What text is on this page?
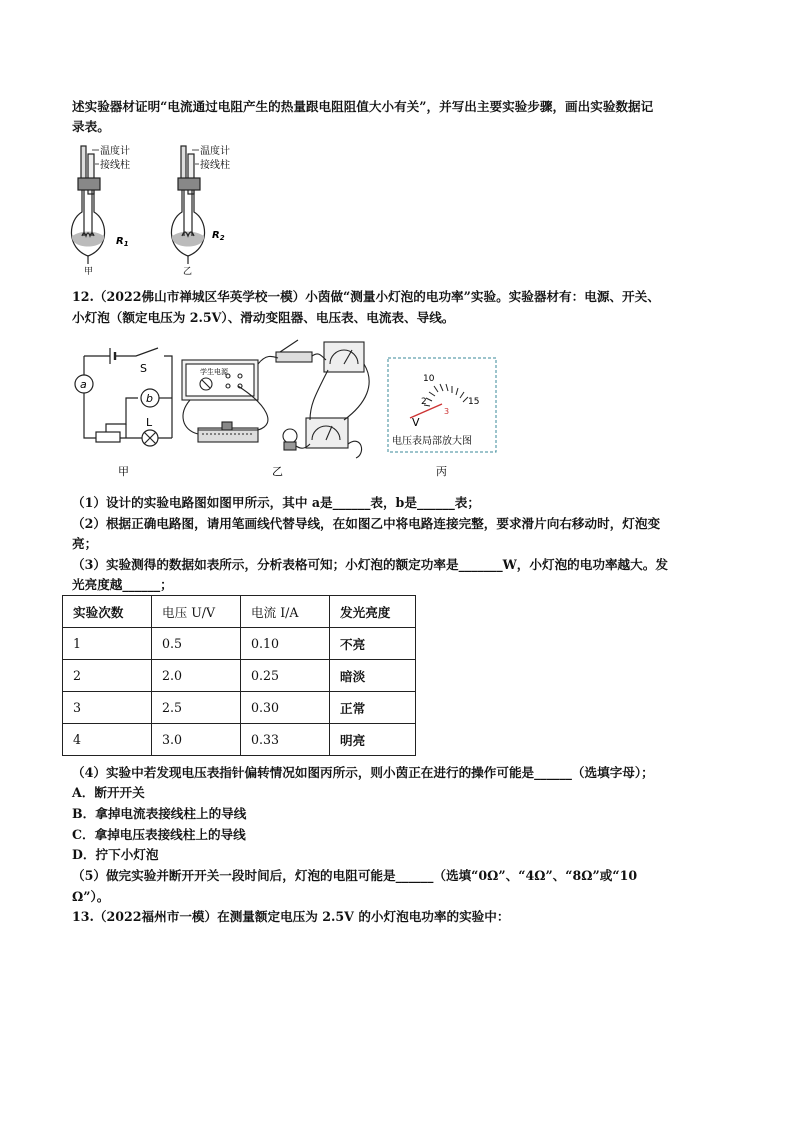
述实验器材证明“电流通过电阻产生的热量跟电阻阻值大小有关”，并写出主要实验步骤，画出实验数据记
录表。
温度计
接线柱
$R_1$
甲
温度计
接线柱
$R_2$
乙
12.（2022佛山市禅城区华英学校一模）小茵做“测量小灯泡的电功率”实验。实验器材有：电源、开关、
小灯泡（额定电压为 2.5V）、滑动变阻器、电压表、电流表、导线。
a
b
S
L
甲
学生电源
乙
10
2	15
V
3
电压表局部放大图
丙
（1）设计的实验电路图如图甲所示，其中 a是______表，b是______表；
（2）根据正确电路图，请用笔画线代替导线，在如图乙中将电路连接完整，要求滑片向右移动时，灯泡变
亮；
（3）实验测得的数据如表所示，分析表格可知；小灯泡的额定功率是_______W，小灯泡的电功率越大。发
光亮度越______；
实验次数	电压 U/V	电流 I/A	发光亮度
1	0.5	0.10	不亮
2	2.0	0.25	暗淡
3	2.5	0.30	正常
4	3.0	0.33	明亮
（4）实验中若发现电压表指针偏转情况如图丙所示，则小茵正在进行的操作可能是______（选填字母）；
A．断开开关
B．拿掉电流表接线柱上的导线
C．拿掉电压表接线柱上的导线
D．拧下小灯泡
（5）做完实验并断开开关一段时间后，灯泡的电阻可能是______（选填“0Ω”、“4Ω”、“8Ω”或“10
Ω”）。
13.（2022福州市一模）在测量额定电压为 2.5V 的小灯泡电功率的实验中：
